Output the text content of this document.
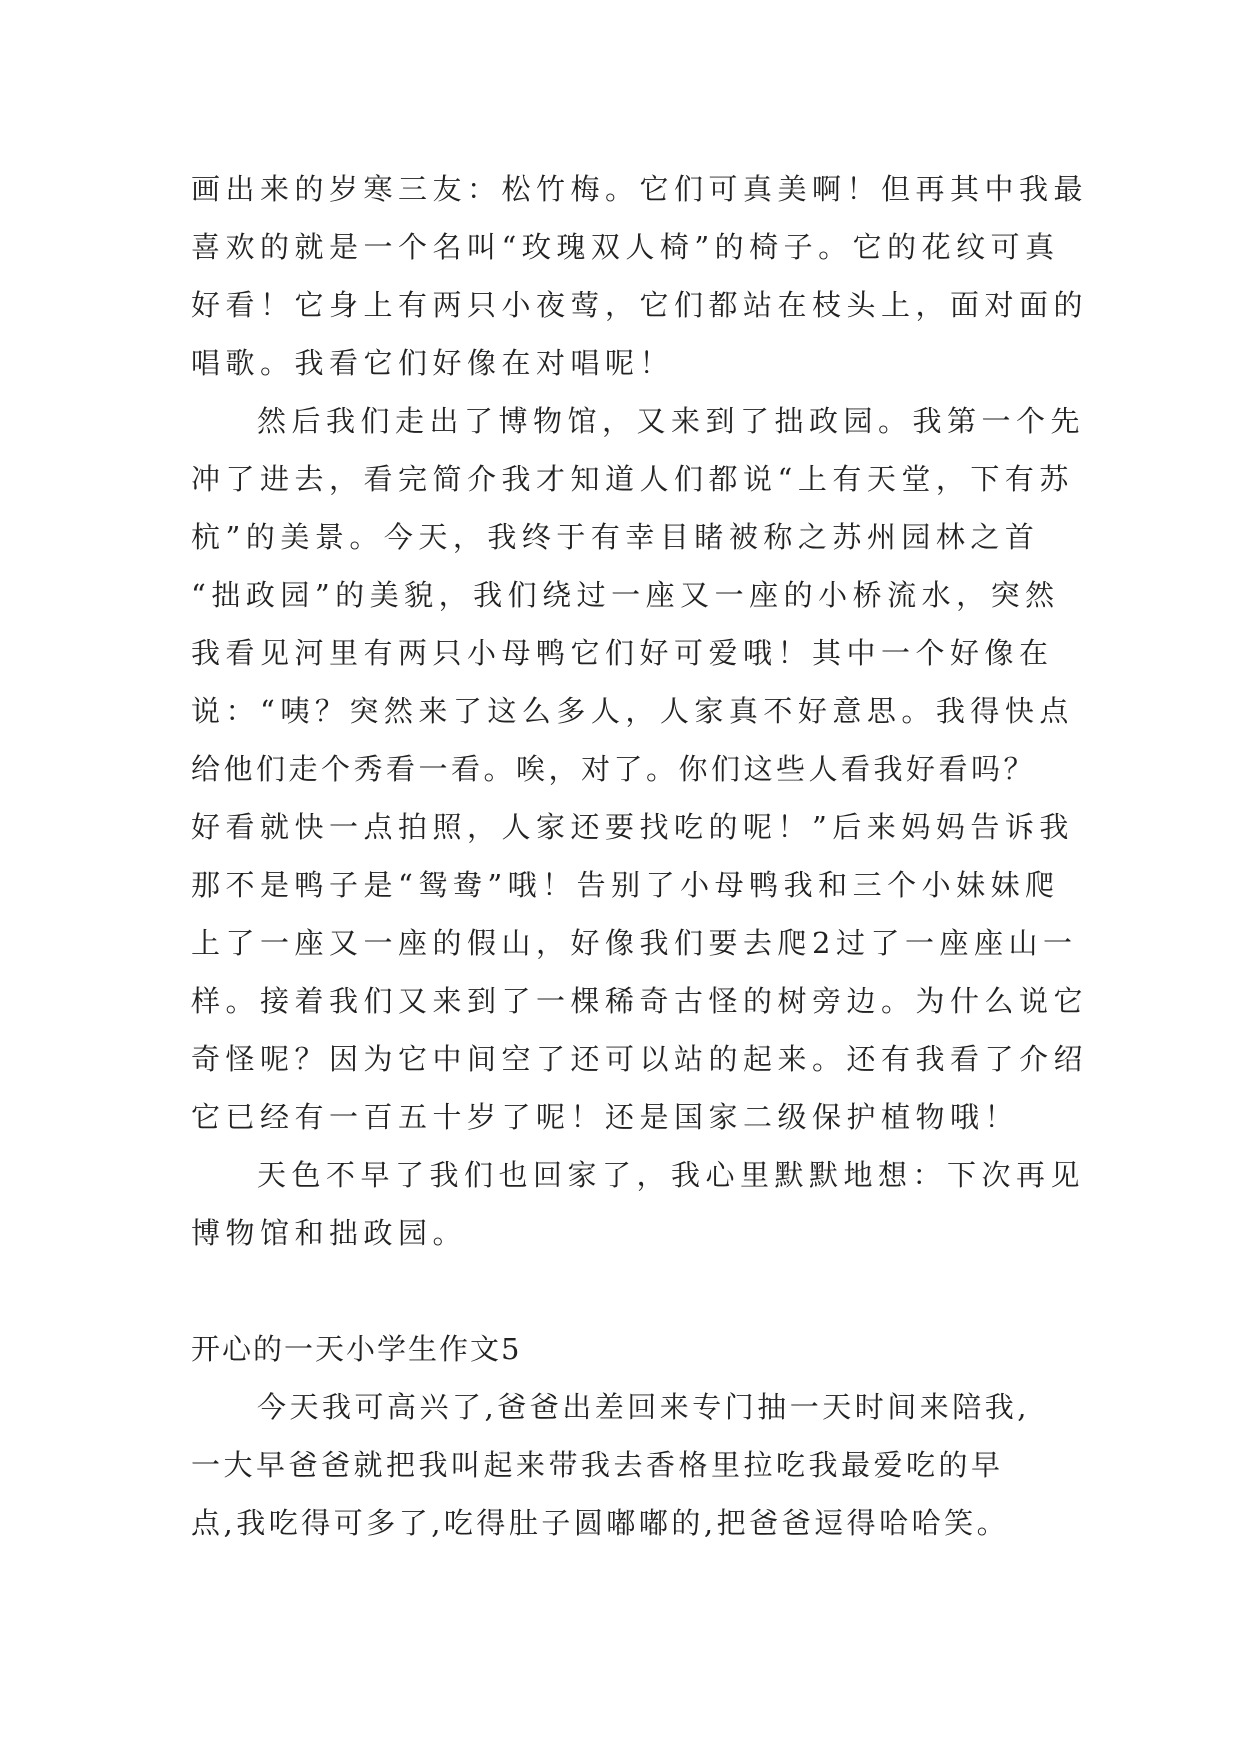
画出来的岁寒三友：松竹梅。它们可真美啊！但再其中我最
喜欢的就是一个名叫“玫瑰双人椅”的椅子。它的花纹可真
好看！它身上有两只小夜莺，它们都站在枝头上，面对面的
唱歌。我看它们好像在对唱呢！
然后我们走出了博物馆，又来到了拙政园。我第一个先
冲了进去，看完简介我才知道人们都说“上有天堂，下有苏
杭”的美景。今天，我终于有幸目睹被称之苏州园林之首
“拙政园”的美貌，我们绕过一座又一座的小桥流水，突然
我看见河里有两只小母鸭它们好可爱哦！其中一个好像在
说：“咦？突然来了这么多人，人家真不好意思。我得快点
给他们走个秀看一看。唉，对了。你们这些人看我好看吗？
好看就快一点拍照，人家还要找吃的呢！”后来妈妈告诉我
那不是鸭子是“鸳鸯”哦！告别了小母鸭我和三个小妹妹爬
上了一座又一座的假山，好像我们要去爬2过了一座座山一
样。接着我们又来到了一棵稀奇古怪的树旁边。为什么说它
奇怪呢？因为它中间空了还可以站的起来。还有我看了介绍
它已经有一百五十岁了呢！还是国家二级保护植物哦！
天色不早了我们也回家了，我心里默默地想：下次再见
博物馆和拙政园。
开心的一天小学生作文5
今天我可高兴了,爸爸出差回来专门抽一天时间来陪我,
一大早爸爸就把我叫起来带我去香格里拉吃我最爱吃的早
点,我吃得可多了,吃得肚子圆嘟嘟的,把爸爸逗得哈哈笑。
